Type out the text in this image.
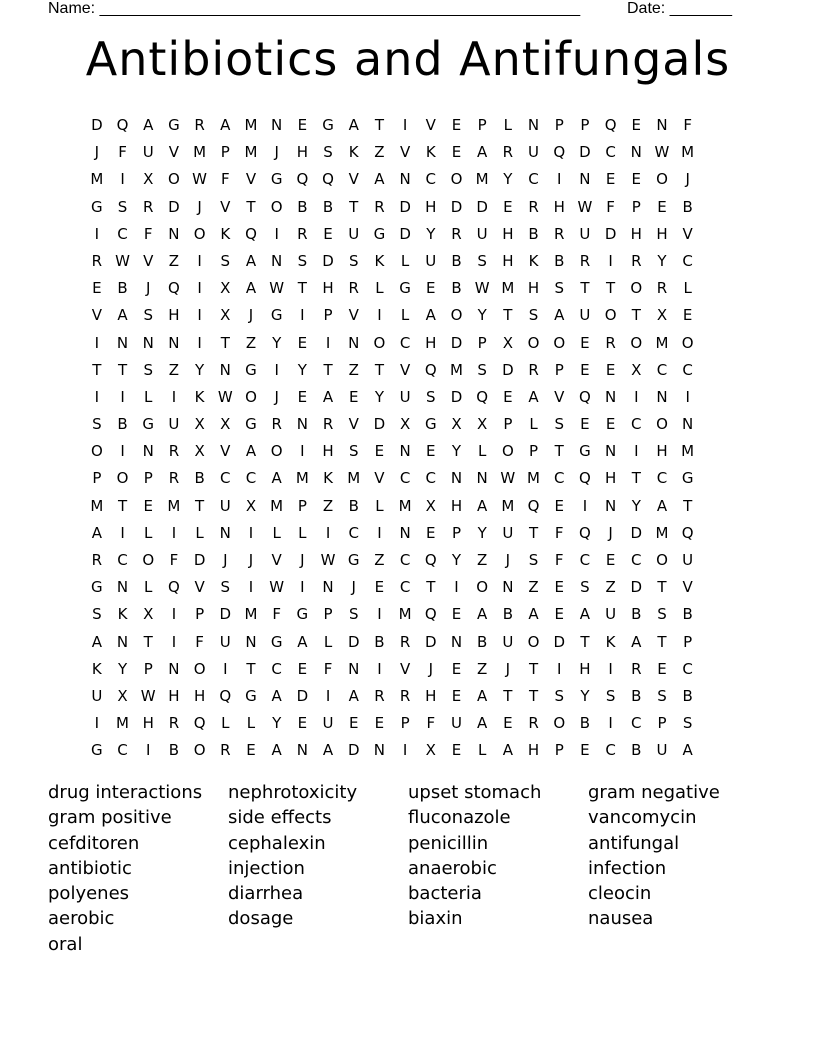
Name: ______________________________________________________	Date: _______
Antibiotics and Antifungals
D Q A G R	A M N	E	G A	T	I	V	E	P	L	N	P	P	Q	E	N	F
J	F	U	V M P M	J	H	S	K	Z	V	K	E	A	R U Q D C N W M
M	I	X O W F	V G Q Q V	A N C O M Y	C	I	N	E	E	O	J
G	S	R D	J	V	T	O B	B	T	R D H D D	E	R H W F	P	E	B
I	C	F	N O K Q	I	R	E	U G D	Y	R U H B	R U D H H V
R W V	Z	I	S	A N	S	D	S	K	L	U	B	S	H	K	B	R	I	R	Y	C
E	B	J	Q	I	X	A W T	H R	L	G	E	B W M H	S	T	T	O R	L
V	A	S	H	I	X	J	G	I	P	V	I	L	A O	Y	T	S	A	U O	T	X	E
I	N N N	I	T	Z	Y	E	I	N O C H D	P	X O O	E	R O M O
T	T	S	Z	Y	N G	I	Y	T	Z	T	V Q M S	D R	P	E	E	X	C	C
I	I	L	I	K W O	J	E	A	E	Y	U	S	D Q	E	A	V Q N	I	N	I
S	B G U	X	X G R N R	V D X G X	X	P	L	S	E	E	C O N
O	I	N R	X	V	A O	I	H	S	E	N	E	Y	L	O	P	T	G N	I	H M
P	O	P	R	B	C	C	A M K M V	C	C N N W M C Q H	T	C G
M T	E M T	U	X M P	Z	B	L	M X H A M Q	E	I	N	Y	A	T
A	I	L	I	L	N	I	L	L	I	C	I	N	E	P	Y	U	T	F	Q	J	D M Q
R	C O	F	D	J	J	V	J	W G Z	C Q	Y	Z	J	S	F	C	E	C O U
G N	L	Q V	S	I	W	I	N	J	E	C	T	I	O N Z	E	S	Z D	T	V
S	K	X	I	P	D M F	G	P	S	I	M Q	E	A	B	A	E	A	U	B	S	B
A N	T	I	F	U N G A	L	D B	R D N B	U O D	T	K	A	T	P
K	Y	P	N O	I	T	C	E	F	N	I	V	J	E	Z	J	T	I	H	I	R	E	C
U	X W H H Q G A D	I	A	R	R H	E	A	T	T	S	Y	S	B	S	B
I	M H R Q	L	L	Y	E	U	E	E	P	F	U	A	E	R O B	I	C	P	S
G C	I	B O R	E	A N A D N	I	X	E	L	A H	P	E	C	B	U	A
drug interactions	nephrotoxicity	upset stomach	gram negative
gram positive	side effects	fluconazole	vancomycin
cefditoren	cephalexin	penicillin	antifungal
antibiotic	injection	anaerobic	infection
polyenes	diarrhea	bacteria	cleocin
aerobic	dosage	biaxin	nausea
oral
